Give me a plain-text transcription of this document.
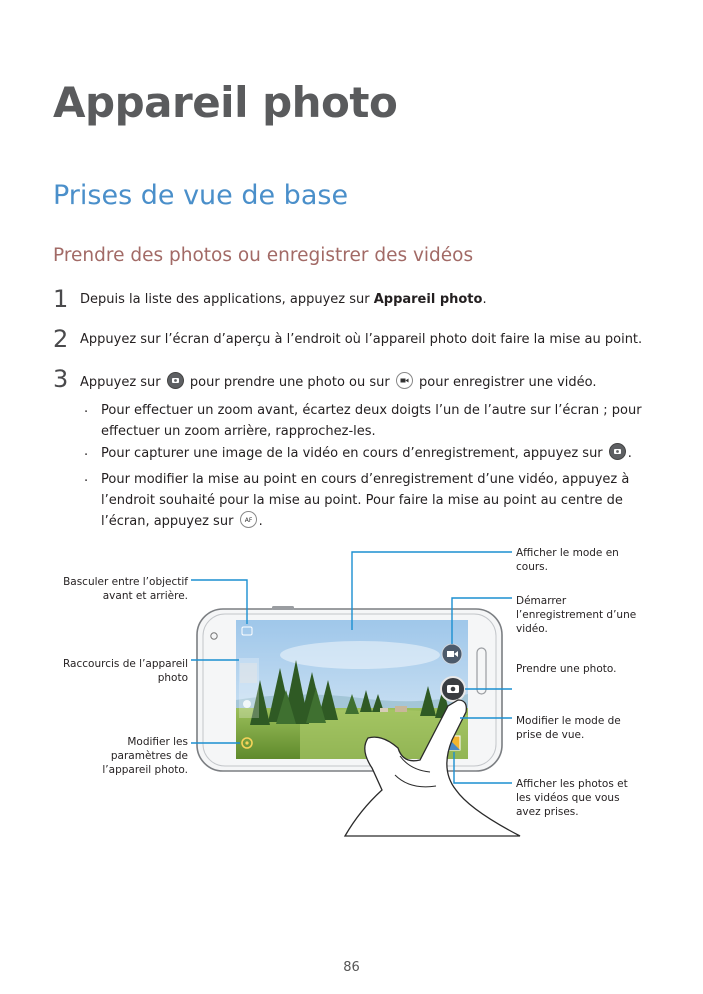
Appareil photo
Prises de vue de base
Prendre des photos ou enregistrer des vidéos
1 Depuis la liste des applications, appuyez sur Appareil photo.
2 Appuyez sur l’écran d’aperçu à l’endroit où l’appareil photo doit faire la mise au point.
3 Appuyez sur
pour prendre une photo ou sur
pour enregistrer une vidéo.
· Pour effectuer un zoom avant, écartez deux doigts l’un de l’autre sur l’écran ; pour effectuer un zoom arrière, rapprochez-les.
· Pour capturer une image de la vidéo en cours d’enregistrement, appuyez sur
.
· Pour modifier la mise au point en cours d’enregistrement d’une vidéo, appuyez à l’endroit souhaité pour la mise au point. Pour faire la mise au point au centre de l’écran, appuyez sur AF .
Afficher le mode en cours.
Basculer entre l’objectif avant et arrière.	Démarrer l’enregistrement d’une vidéo.
Raccourcis de l’appareil photo
Prendre une photo.
Modifier les paramètres de l’appareil photo.
Modifier le mode de prise de vue.
Afficher les photos et les vidéos que vous avez prises.
86
